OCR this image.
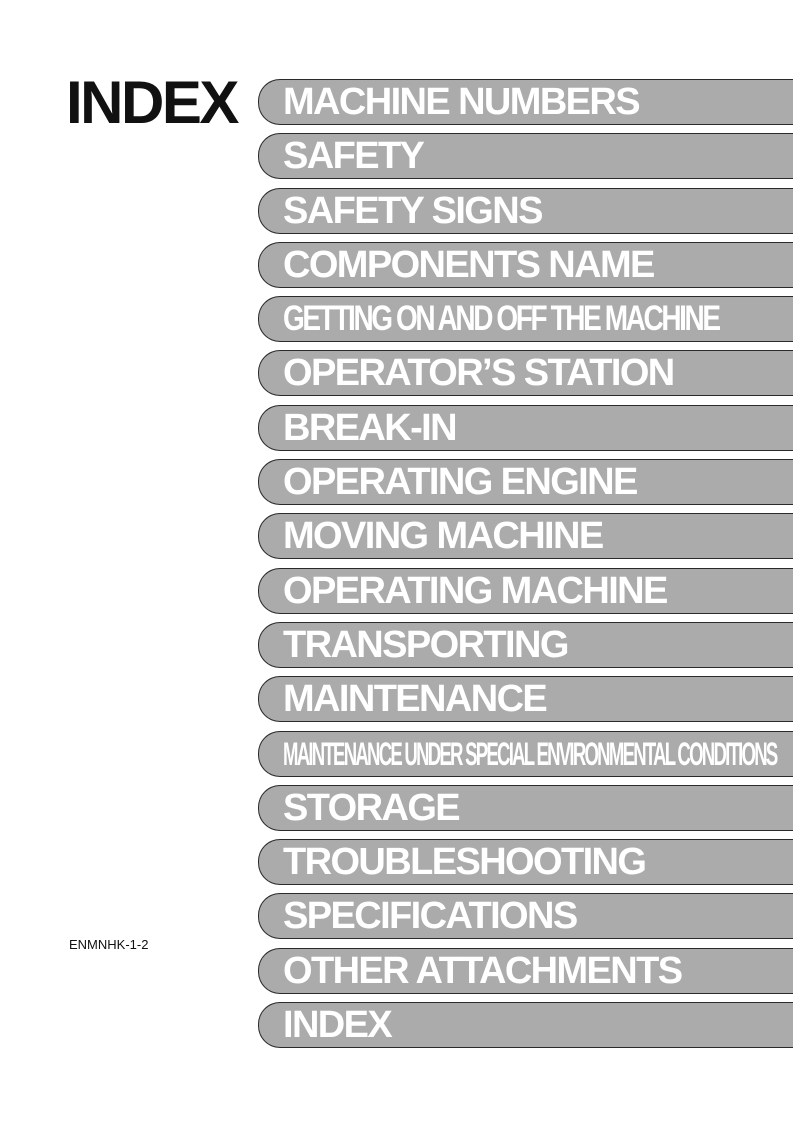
INDEX
ENMNHK-1-2
MACHINE NUMBERS
SAFETY
SAFETY SIGNS
COMPONENTS NAME
GETTING ON AND OFF THE MACHINE
OPERATOR’S STATION
BREAK-IN
OPERATING ENGINE
MOVING MACHINE
OPERATING MACHINE
TRANSPORTING
MAINTENANCE
MAINTENANCE UNDER SPECIAL ENVIRONMENTAL CONDITIONS
STORAGE
TROUBLESHOOTING
SPECIFICATIONS
OTHER ATTACHMENTS
INDEX
